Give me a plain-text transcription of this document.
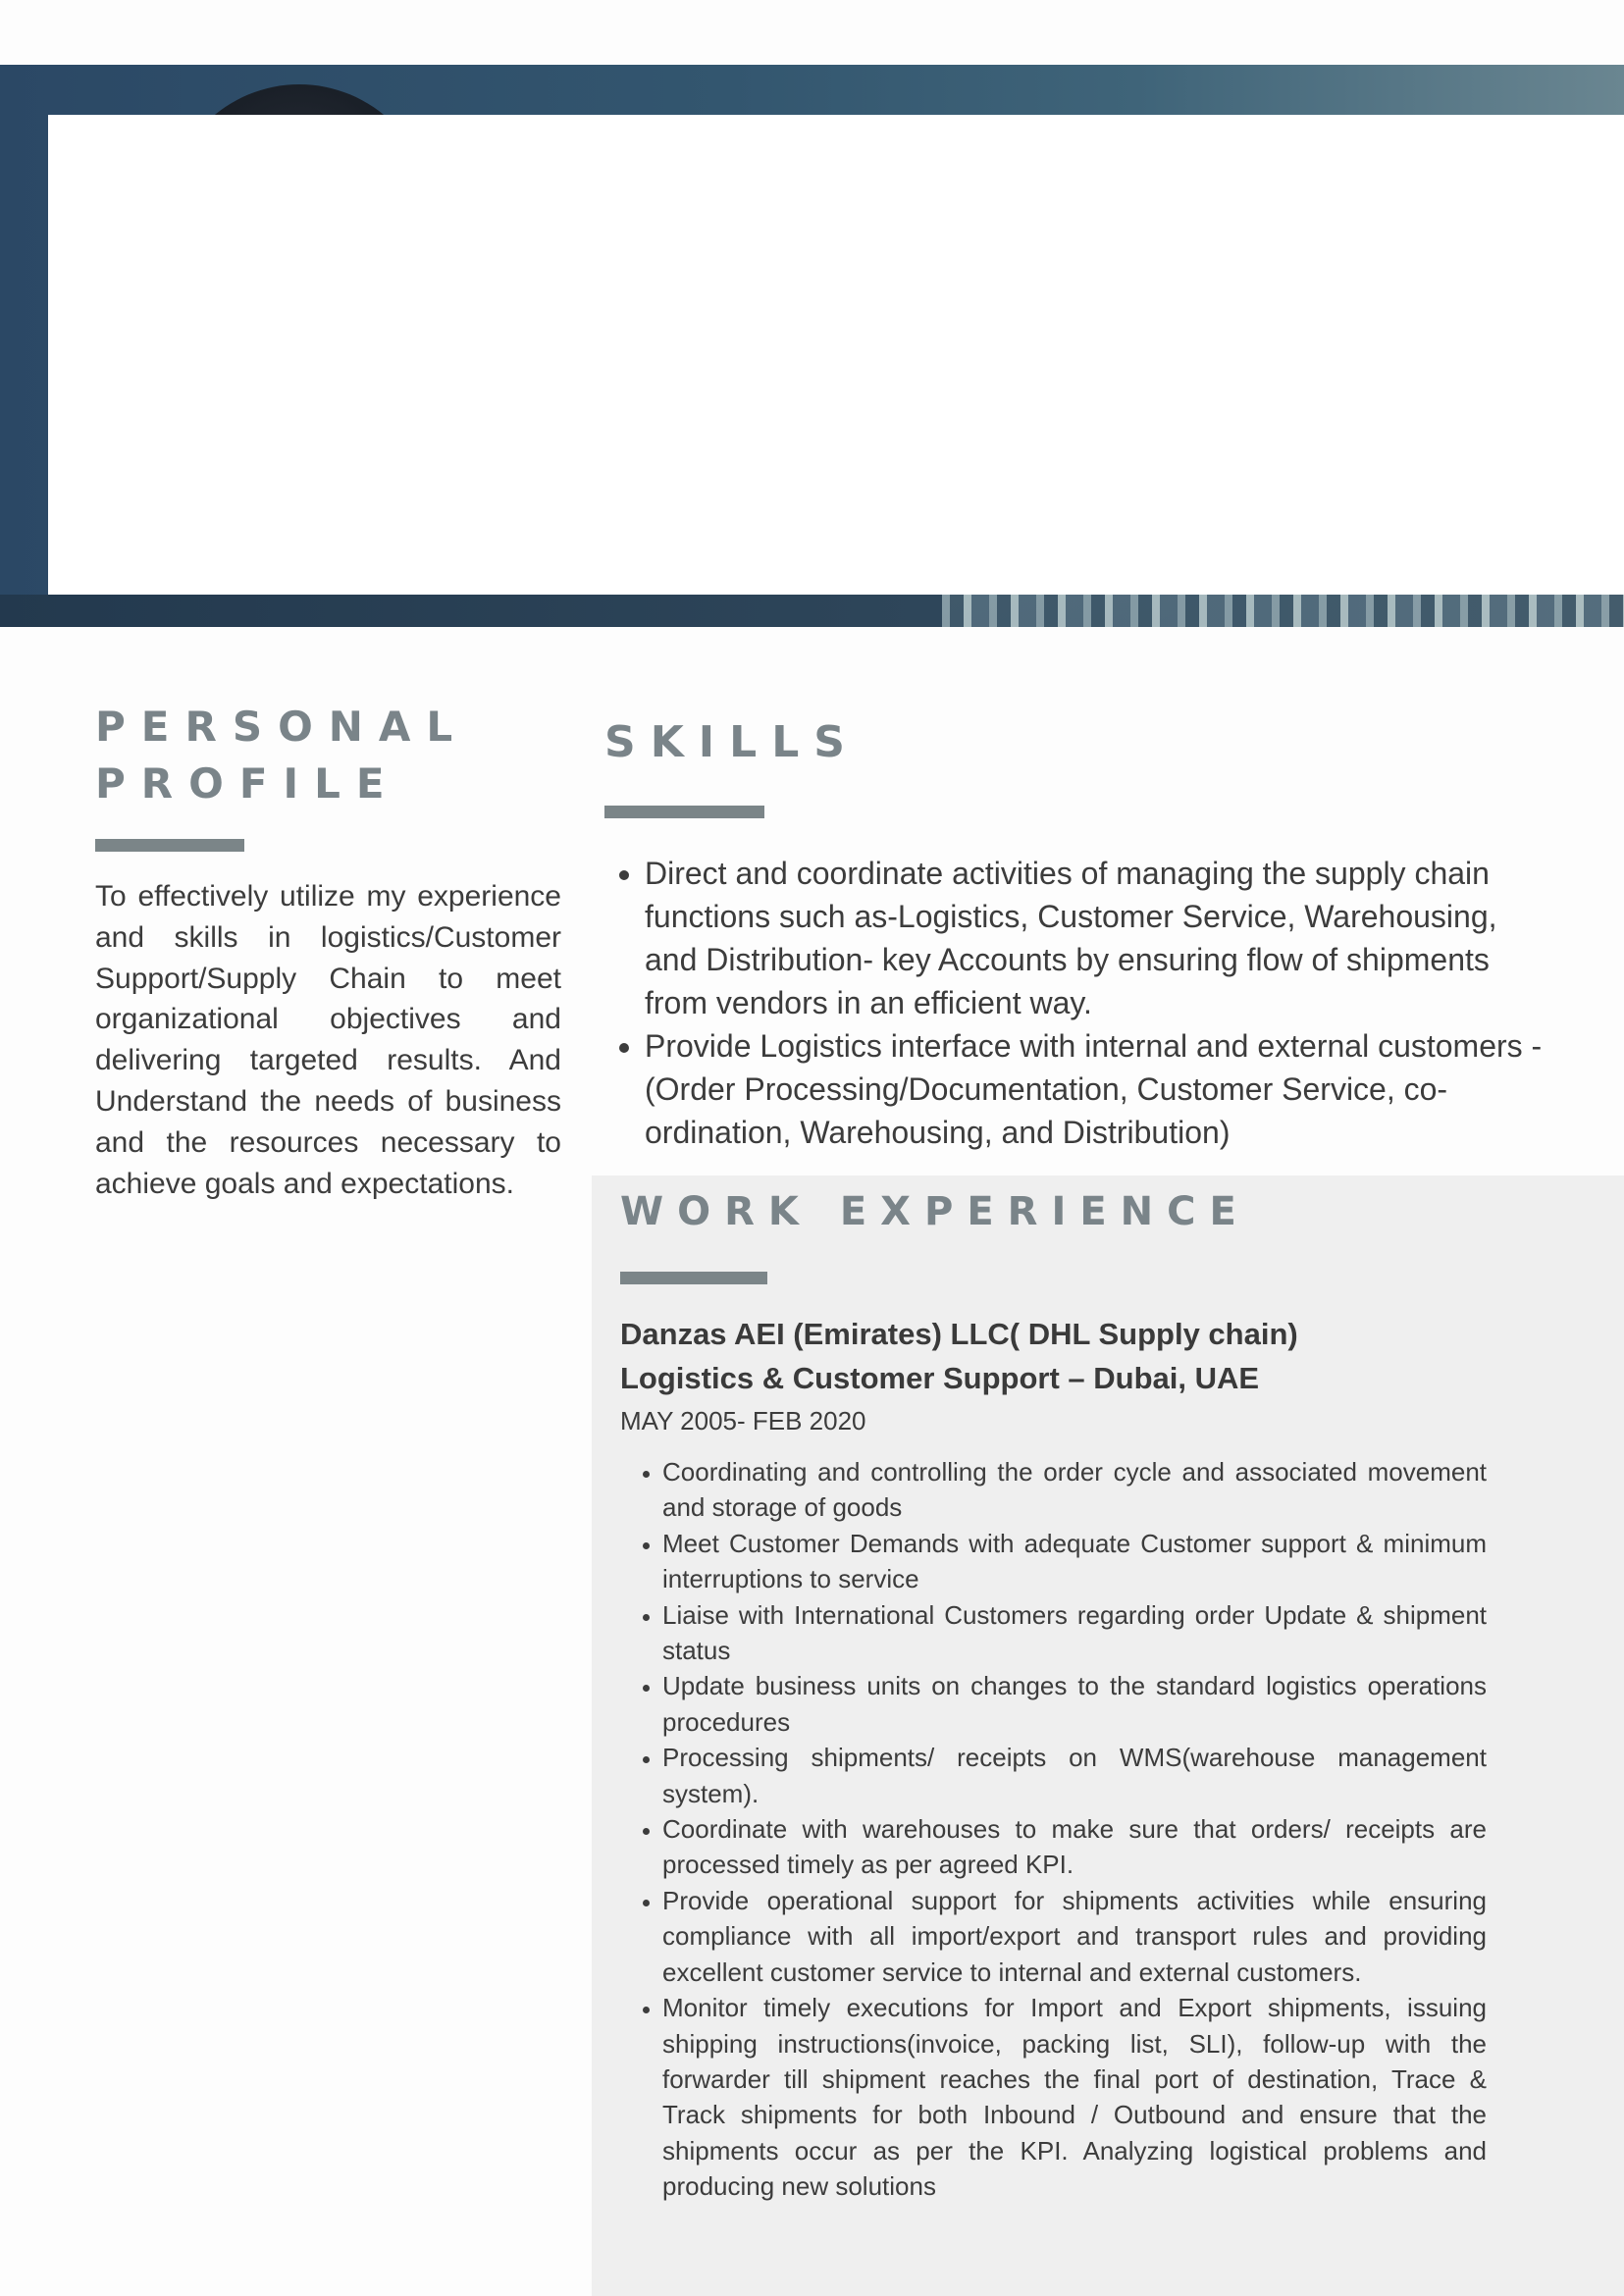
PERSONAL PROFILE

To effectively utilize my experience and skills in logistics/Customer Support/Supply Chain to meet organizational objectives and delivering targeted results. And Understand the needs of business and the resources necessary to achieve goals and expectations.

SKILLS
• Direct and coordinate activities of managing the supply chain functions such as-Logistics, Customer Service, Warehousing, and Distribution- key Accounts by ensuring flow of shipments from vendors in an efficient way.
• Provide Logistics interface with internal and external customers - (Order Processing/Documentation, Customer Service, co-ordination, Warehousing, and Distribution)
WORK EXPERIENCE

Danzas AEI (Emirates) LLC( DHL Supply chain)

Logistics & Customer Support – Dubai, UAE

MAY 2005- FEB 2020

• Coordinating and controlling the order cycle and associated movement and storage of goods
• Meet Customer Demands with adequate Customer support & minimum interruptions to service
• Liaise with International Customers regarding order Update & shipment status
• Update business units on changes to the standard logistics operations procedures
• Processing shipments/ receipts on WMS(warehouse management system).
• Coordinate with warehouses to make sure that orders/ receipts are processed timely as per agreed KPI.
• Provide operational support for shipments activities while ensuring compliance with all import/export and transport rules and providing excellent customer service to internal and external customers.
• Monitor timely executions for Import and Export shipments, issuing shipping instructions(invoice, packing list, SLI), follow-up with the forwarder till shipment reaches the final port of destination, Trace & Track shipments for both Inbound / Outbound and ensure that the shipments occur as per the KPI. Analyzing logistical problems and producing new solutions
